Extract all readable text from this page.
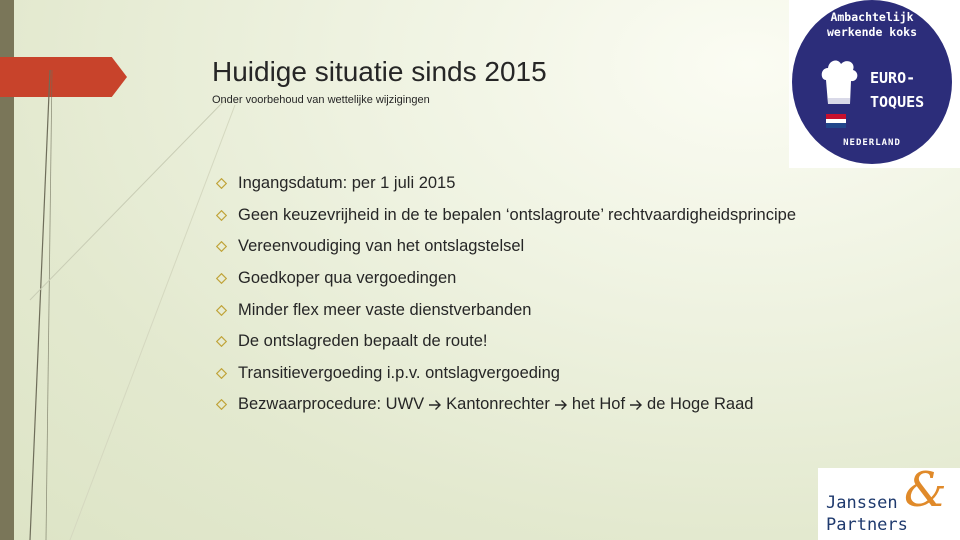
Huidige situatie sinds 2015
Onder voorbehoud van wettelijke wijzigingen
Ingangsdatum: per 1 juli 2015
Geen keuzevrijheid in de te bepalen ‘ontslagroute’ rechtvaardigheidsprincipe
Vereenvoudiging van het ontslagstelsel
Goedkoper qua vergoedingen
Minder flex meer vaste dienstverbanden
De ontslagreden bepaalt de route!
Transitievergoeding i.p.v. ontslagvergoeding
Bezwaarprocedure: UWV Kantonrechter het Hof de Hoge Raad
Ambachtelijk
werkende koks
EURO-
TOQUES
NEDERLAND
&
Janssen
Partners
